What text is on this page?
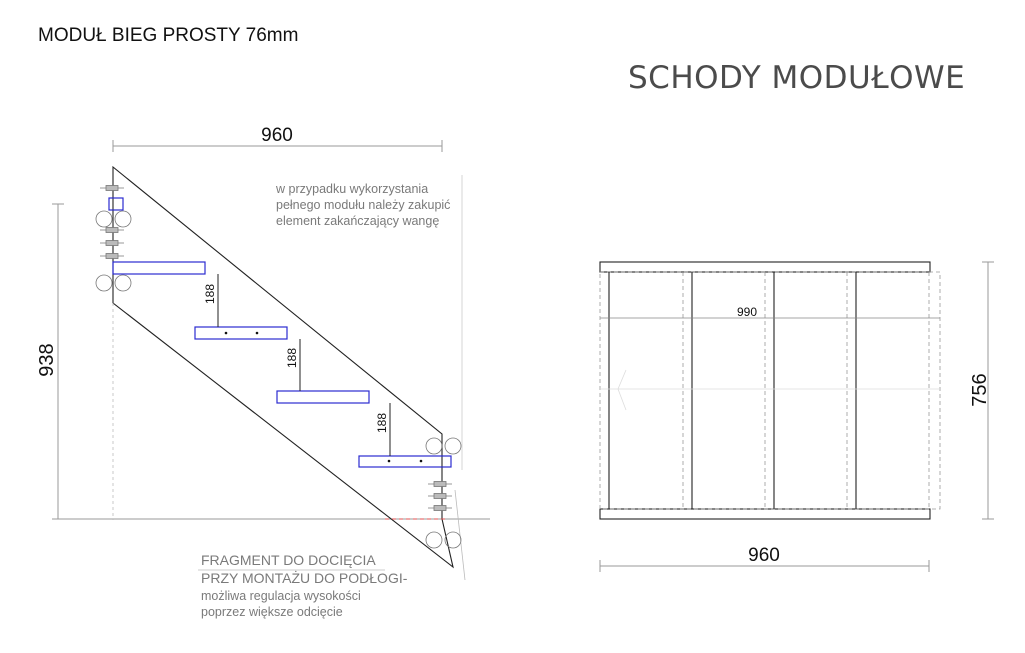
MODUŁ BIEG PROSTY 76mm
SCHODY MODUŁOWE
960
938
188
188
188
w przypadku wykorzystania
pełnego modułu należy zakupić
element zakańczający wangę
FRAGMENT DO DOCIĘCIA
PRZY MONTAŻU DO PODŁOGI-
możliwa regulacja wysokości
poprzez większe odcięcie
990
960
756
